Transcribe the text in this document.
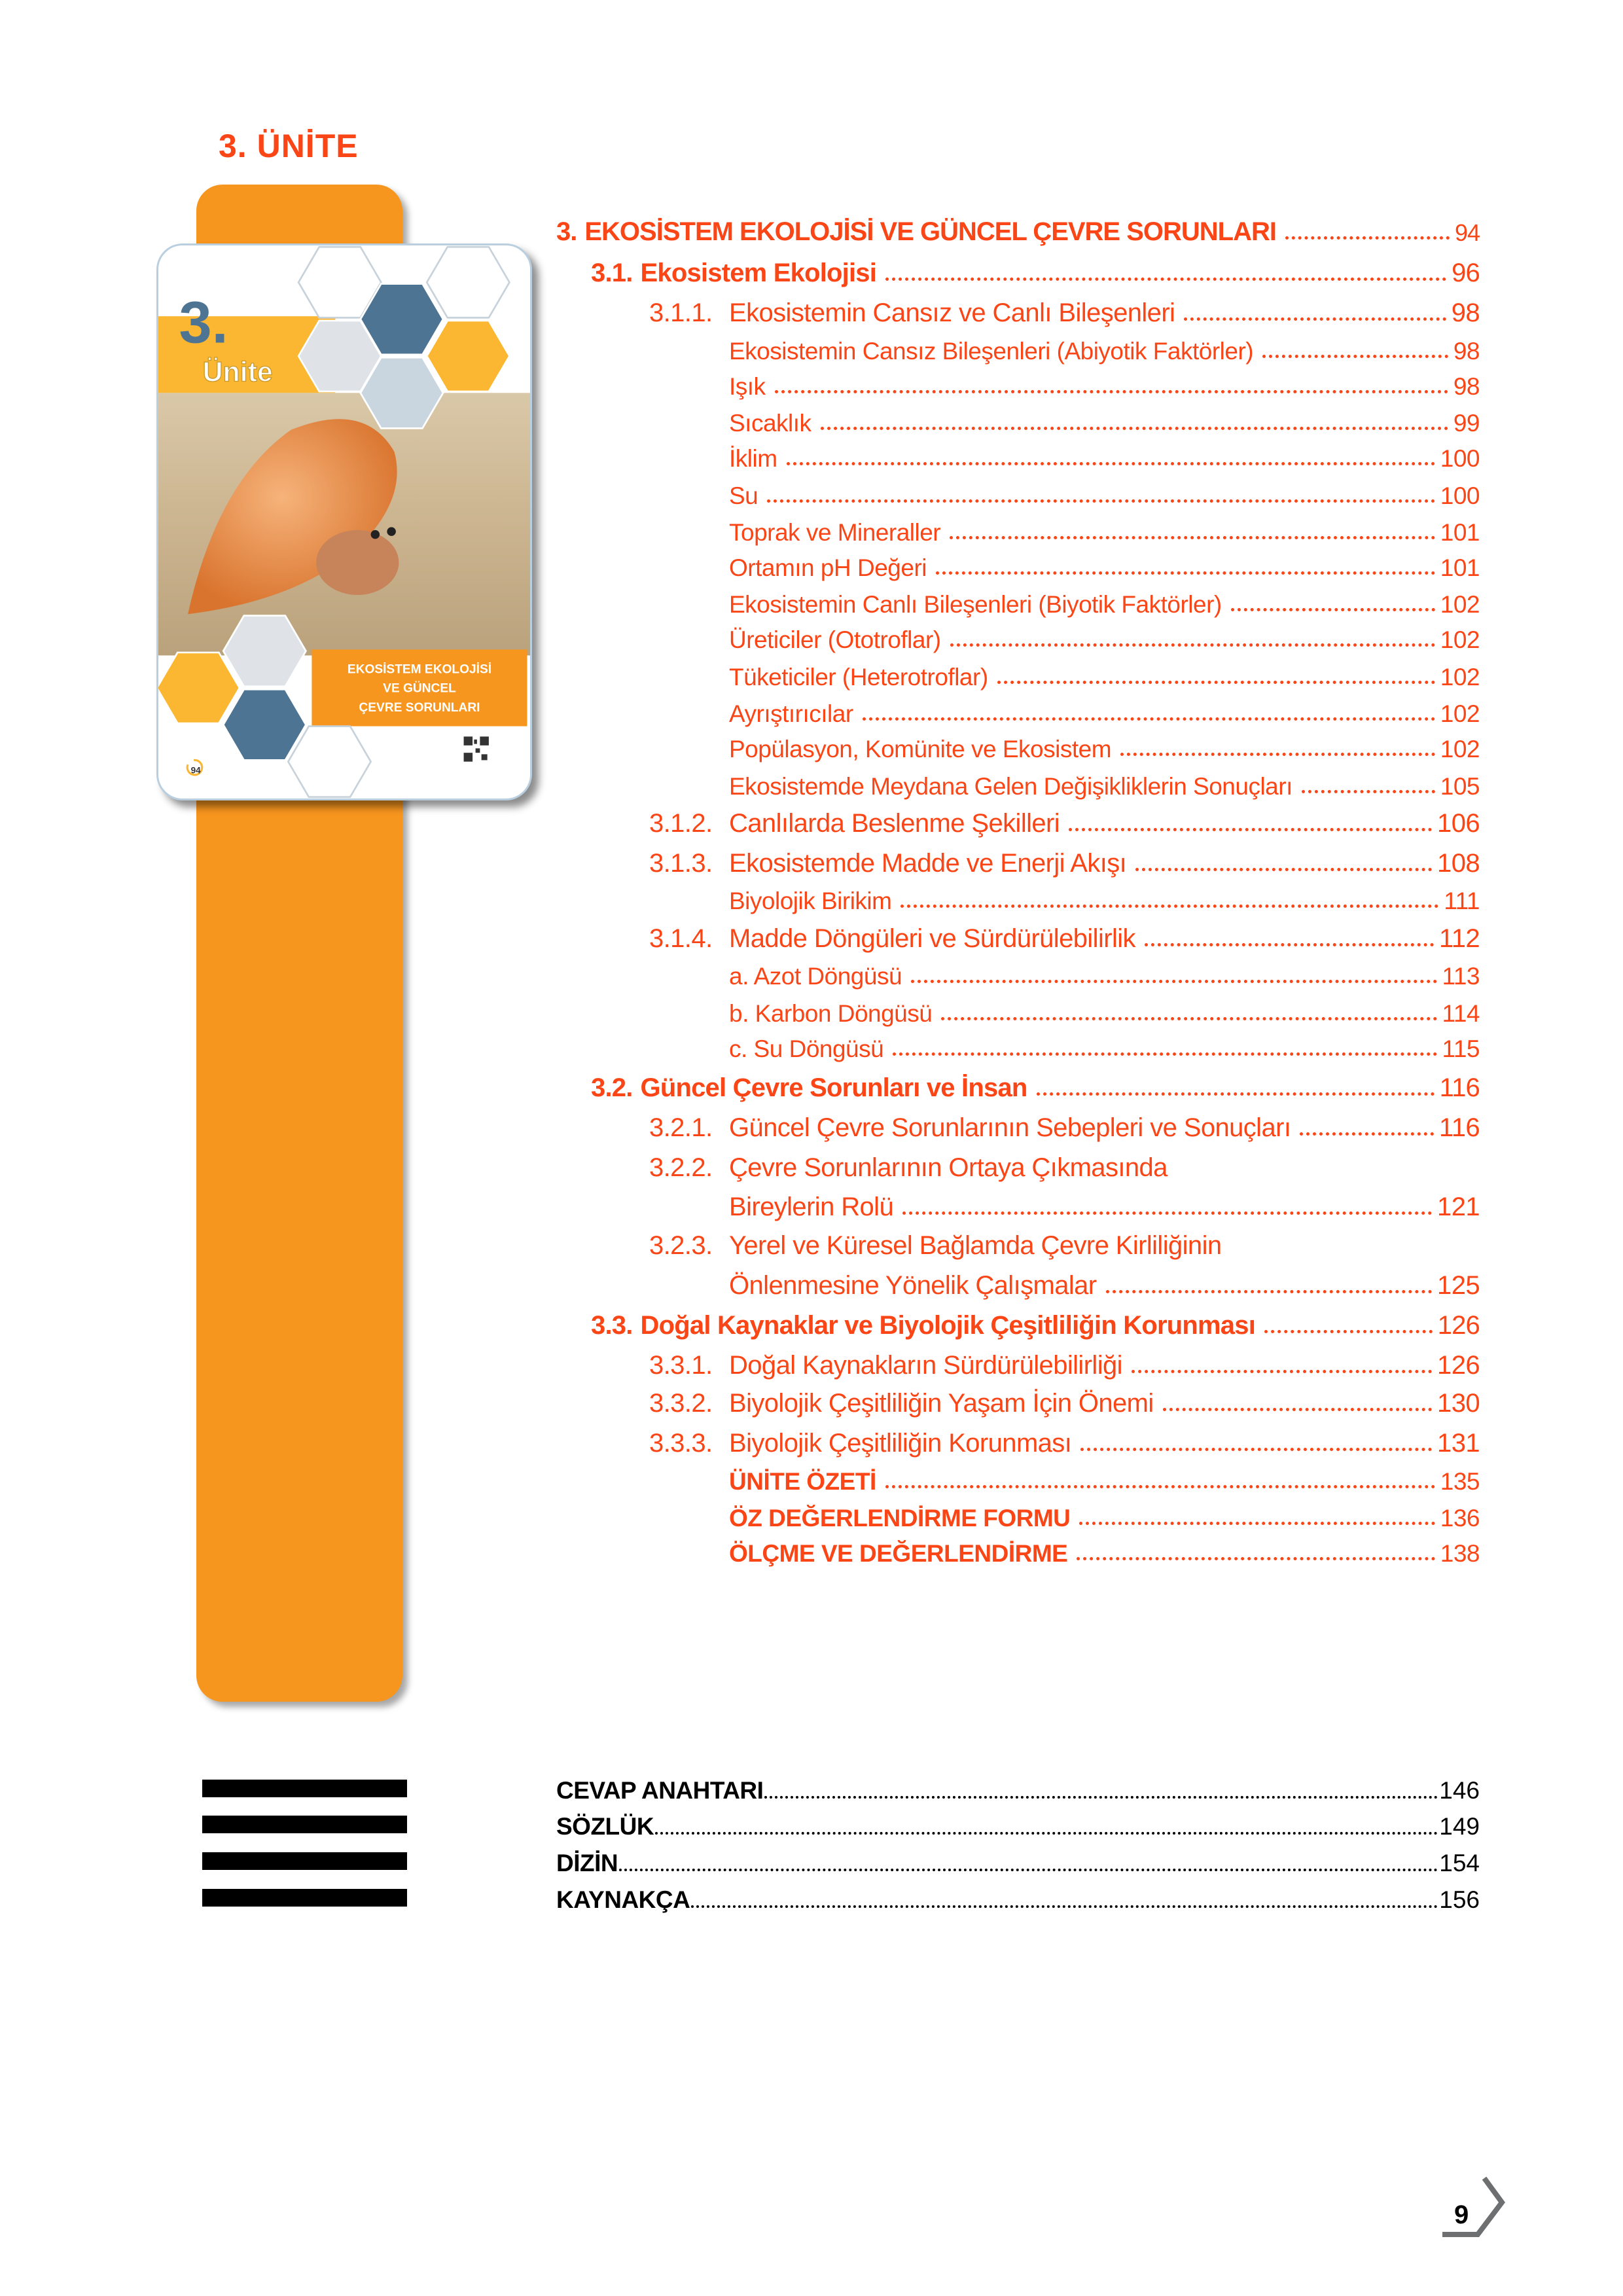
3. ÜNİTE
3.
Ünite
EKOSİSTEM EKOLOJİSİ
VE GÜNCEL
ÇEVRE SORUNLARI
94
3. EKOSİSTEM EKOLOJİSİ VE GÜNCEL ÇEVRE SORUNLARI	94
3.1. Ekosistem Ekolojisi	96
3.1.1. Ekosistemin Cansız ve Canlı Bileşenleri	98
Ekosistemin Cansız Bileşenleri (Abiyotik Faktörler)	98
Işık	98
Sıcaklık	99
İklim	100
Su	100
Toprak ve Mineraller	101
Ortamın pH Değeri	101
Ekosistemin Canlı Bileşenleri (Biyotik Faktörler)	102
Üreticiler (Ototroflar)	102
Tüketiciler (Heterotroflar)	102
Ayrıştırıcılar	102
Popülasyon, Komünite ve Ekosistem	102
Ekosistemde Meydana Gelen Değişikliklerin Sonuçları	105
3.1.2. Canlılarda Beslenme Şekilleri	106
3.1.3. Ekosistemde Madde ve Enerji Akışı	108
Biyolojik Birikim	111
3.1.4. Madde Döngüleri ve Sürdürülebilirlik	112
a. Azot Döngüsü	113
b. Karbon Döngüsü	114
c. Su Döngüsü	115
3.2. Güncel Çevre Sorunları ve İnsan	116
3.2.1. Güncel Çevre Sorunlarının Sebepleri ve Sonuçları	116
3.2.2. Çevre Sorunlarının Ortaya Çıkmasında
Bireylerin Rolü	121
3.2.3. Yerel ve Küresel Bağlamda Çevre Kirliliğinin
Önlenmesine Yönelik Çalışmalar	125
3.3. Doğal Kaynaklar ve Biyolojik Çeşitliliğin Korunması	126
3.3.1. Doğal Kaynakların Sürdürülebilirliği	126
3.3.2. Biyolojik Çeşitliliğin Yaşam İçin Önemi	130
3.3.3. Biyolojik Çeşitliliğin Korunması	131
ÜNİTE ÖZETİ	135
ÖZ DEĞERLENDİRME FORMU	136
ÖLÇME VE DEĞERLENDİRME	138
CEVAP ANAHTARI	146
SÖZLÜK	149
DİZİN	154
KAYNAKÇA	156
9
